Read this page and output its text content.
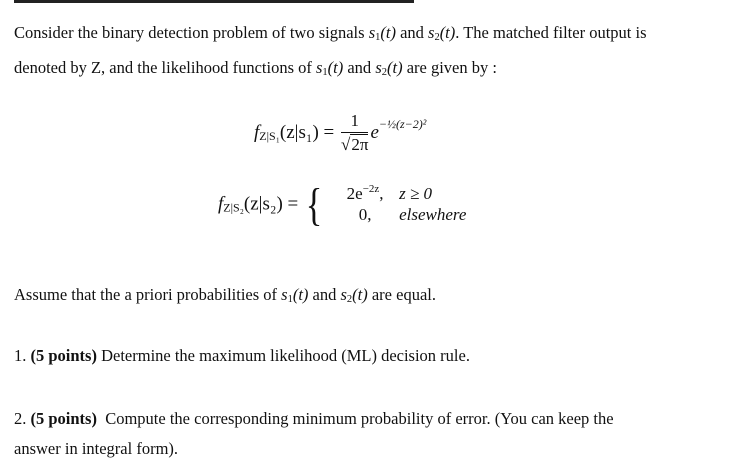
Consider the binary detection problem of two signals s1(t) and s2(t). The matched filter output is
denoted by Z, and the likelihood functions of s1(t) and s2(t) are given by :
$fZ|S_1(z|s_1) = \frac{1}{√2\pi} e^{-\frac{1}{2}(z-2)^2}$
fZ|S₂(z|s₂) = {	$2e^{-2z}$, z ≥ 0
0,	elsewhere
Assume that the a priori probabilities of s1(t) and s2(t) are equal.
1. (5 points) Determine the maximum likelihood (ML) decision rule.
2. (5 points)  Compute the corresponding minimum probability of error. (You can keep the
answer in integral form).
